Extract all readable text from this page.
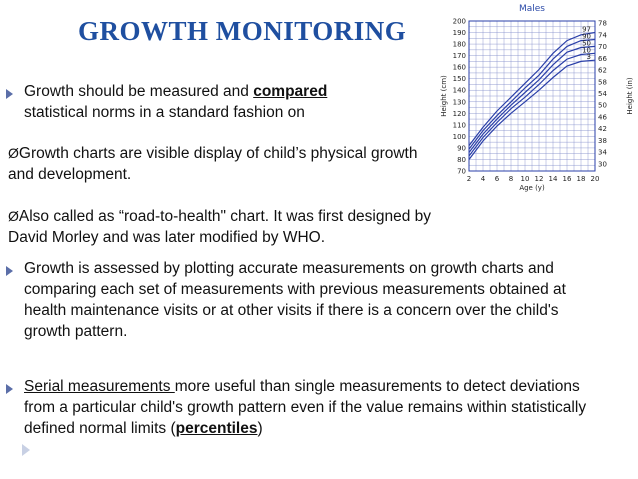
GROWTH MONITORING
Males
2 4 6 8 10 12 14 16 18 20
70
80
90
100
110
120
130
140
150
160
170
180
190
200
30
34
38
42
46
50
54
58
62
66
70
74
78
Age (y)
Height (cm)	Height (in)
97
90
50
10
3

Growth should be measured and compared
statistical norms in a standard fashion on

ØGrowth charts are visible display of child’s physical growth
and development.

ØAlso called as “road-to-health" chart. It was first designed by
David Morley and was later modified by WHO.

Growth is assessed by plotting accurate measurements on growth charts and
comparing each set of measurements with previous measurements obtained at
health maintenance visits or at other visits if there is a concern over the child's
growth pattern.

Serial measurements more useful than single measurements to detect deviations
from a particular child's growth pattern even if the value remains within statistically
defined normal limits (percentiles)
